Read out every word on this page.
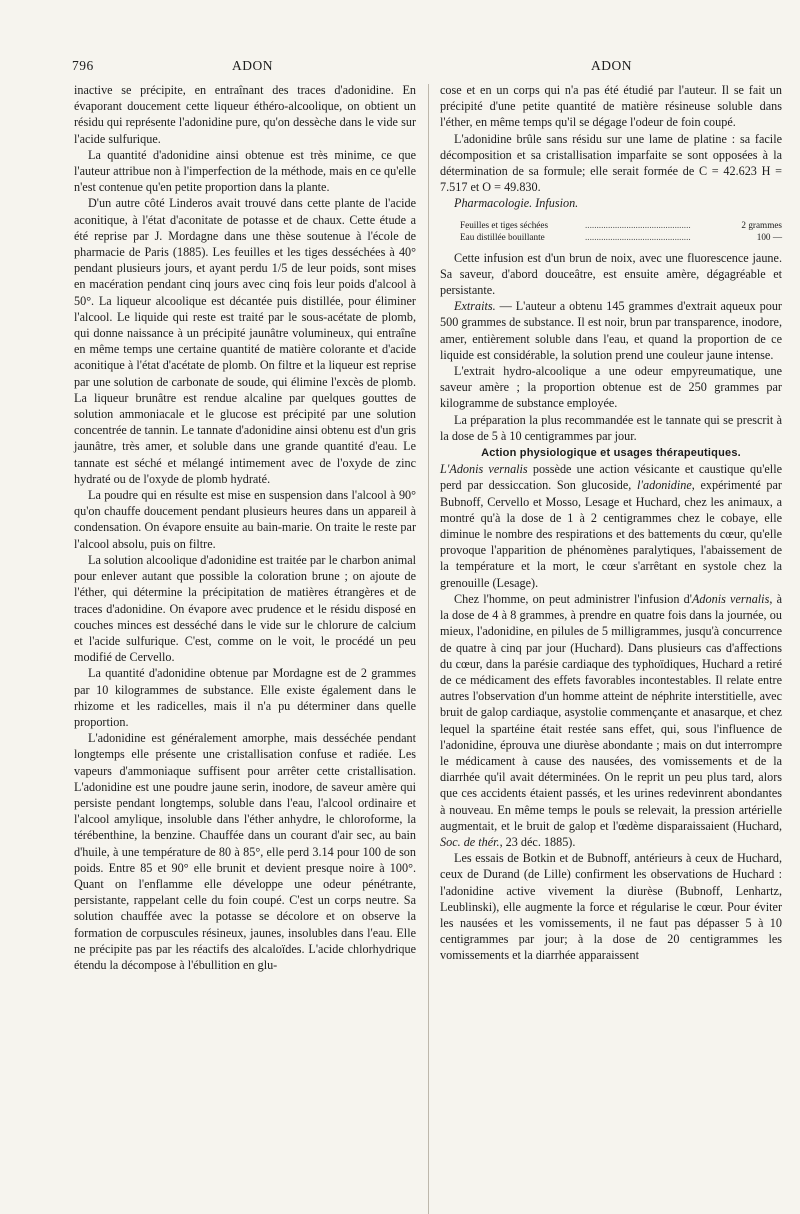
796	ADON	ADON

inactive se précipite, en entraînant des traces d'adonidine. En évaporant doucement cette liqueur éthéro-alcoolique, on obtient un résidu qui représente l'adonidine pure, qu'on dessèche dans le vide sur l'acide sulfurique.

La quantité d'adonidine ainsi obtenue est très minime, ce que l'auteur attribue non à l'imperfection de la méthode, mais en ce qu'elle n'est contenue qu'en petite proportion dans la plante.

D'un autre côté Linderos avait trouvé dans cette plante de l'acide aconitique, à l'état d'aconitate de potasse et de chaux. Cette étude a été reprise par J. Mordagne dans une thèse soutenue à l'école de pharmacie de Paris (1885). Les feuilles et les tiges desséchées à 40° pendant plusieurs jours, et ayant perdu 1/5 de leur poids, sont mises en macération pendant cinq jours avec cinq fois leur poids d'alcool à 50°. La liqueur alcoolique est décantée puis distillée, pour éliminer l'alcool. Le liquide qui reste est traité par le sous-acétate de plomb, qui donne naissance à un précipité jaunâtre volumineux, qui entraîne en même temps une certaine quantité de matière colorante et d'acide aconitique à l'état d'acétate de plomb. On filtre et la liqueur est reprise par une solution de carbonate de soude, qui élimine l'excès de plomb. La liqueur brunâtre est rendue alcaline par quelques gouttes de solution ammoniacale et le glucose est précipité par une solution concentrée de tannin. Le tannate d'adonidine ainsi obtenu est d'un gris jaunâtre, très amer, et soluble dans une grande quantité d'eau. Le tannate est séché et mélangé intimement avec de l'oxyde de zinc hydraté ou de l'oxyde de plomb hydraté.

La poudre qui en résulte est mise en suspension dans l'alcool à 90° qu'on chauffe doucement pendant plusieurs heures dans un appareil à condensation. On évapore ensuite au bain-marie. On traite le reste par l'alcool absolu, puis on filtre.

La solution alcoolique d'adonidine est traitée par le charbon animal pour enlever autant que possible la coloration brune ; on ajoute de l'éther, qui détermine la précipitation de matières étrangères et de traces d'adonidine. On évapore avec prudence et le résidu disposé en couches minces est desséché dans le vide sur le chlorure de calcium et l'acide sulfurique. C'est, comme on le voit, le procédé un peu modifié de Cervello.

La quantité d'adonidine obtenue par Mordagne est de 2 grammes par 10 kilogrammes de substance. Elle existe également dans le rhizome et les radicelles, mais il n'a pu déterminer dans quelle proportion.

L'adonidine est généralement amorphe, mais desséchée pendant longtemps elle présente une cristallisation confuse et radiée. Les vapeurs d'ammoniaque suffisent pour arrêter cette cristallisation. L'adonidine est une poudre jaune serin, inodore, de saveur amère qui persiste pendant longtemps, soluble dans l'eau, l'alcool ordinaire et l'alcool amylique, insoluble dans l'éther anhydre, le chloroforme, la térébenthine, la benzine. Chauffée dans un courant d'air sec, au bain d'huile, à une température de 80 à 85°, elle perd 3.14 pour 100 de son poids. Entre 85 et 90° elle brunit et devient presque noire à 100°. Quant on l'enflamme elle développe une odeur pénétrante, persistante, rappelant celle du foin coupé. C'est un corps neutre. Sa solution chauffée avec la potasse se décolore et on observe la formation de corpuscules résineux, jaunes, insolubles dans l'eau. Elle ne précipite pas par les réactifs des alcaloïdes. L'acide chlorhydrique étendu la décompose à l'ébullition en glu-

cose et en un corps qui n'a pas été étudié par l'auteur. Il se fait un précipité d'une petite quantité de matière résineuse soluble dans l'éther, en même temps qu'il se dégage l'odeur de foin coupé.

L'adonidine brûle sans résidu sur une lame de platine : sa facile décomposition et sa cristallisation imparfaite se sont opposées à la détermination de sa formule; elle serait formée de C = 42.623 H = 7.517 et O = 49.830.

Pharmacologie. Infusion.

Feuilles et tiges séchées	..............................................	2 grammes
Eau distillée bouillante	..............................................	100 —

Cette infusion est d'un brun de noix, avec une fluorescence jaune. Sa saveur, d'abord douceâtre, est ensuite amère, dégagréable et persistante.

Extraits. — L'auteur a obtenu 145 grammes d'extrait aqueux pour 500 grammes de substance. Il est noir, brun par transparence, inodore, amer, entièrement soluble dans l'eau, et quand la proportion de ce liquide est considérable, la solution prend une couleur jaune intense.

L'extrait hydro-alcoolique a une odeur empyreumatique, une saveur amère ; la proportion obtenue est de 250 grammes par kilogramme de substance employée.

La préparation la plus recommandée est le tannate qui se prescrit à la dose de 5 à 10 centigrammes par jour.

Action physiologique et usages thérapeutiques.

L'Adonis vernalis possède une action vésicante et caustique qu'elle perd par dessiccation. Son glucoside, l'adonidine, expérimenté par Bubnoff, Cervello et Mosso, Lesage et Huchard, chez les animaux, a montré qu'à la dose de 1 à 2 centigrammes chez le cobaye, elle diminue le nombre des respirations et des battements du cœur, qu'elle provoque l'apparition de phénomènes paralytiques, l'abaissement de la température et la mort, le cœur s'arrêtant en systole chez la grenouille (Lesage).

Chez l'homme, on peut administrer l'infusion d'Adonis vernalis, à la dose de 4 à 8 grammes, à prendre en quatre fois dans la journée, ou mieux, l'adonidine, en pilules de 5 milligrammes, jusqu'à concurrence de quatre à cinq par jour (Huchard). Dans plusieurs cas d'affections du cœur, dans la parésie cardiaque des typhoïdiques, Huchard a retiré de ce médicament des effets favorables incontestables. Il relate entre autres l'observation d'un homme atteint de néphrite interstitielle, avec bruit de galop cardiaque, asystolie commençante et anasarque, et chez lequel la spartéine était restée sans effet, qui, sous l'influence de l'adonidine, éprouva une diurèse abondante ; mais on dut interrompre le médicament à cause des nausées, des vomissements et de la diarrhée qu'il avait déterminées. On le reprit un peu plus tard, alors que ces accidents étaient passés, et les urines redevinrent abondantes à nouveau. En même temps le pouls se relevait, la pression artérielle augmentait, et le bruit de galop et l'œdème disparaissaient (Huchard, Soc. de thér., 23 déc. 1885).

Les essais de Botkin et de Bubnoff, antérieurs à ceux de Huchard, ceux de Durand (de Lille) confirment les observations de Huchard : l'adonidine active vivement la diurèse (Bubnoff, Lenhartz, Leublinski), elle augmente la force et régularise le cœur. Pour éviter les nausées et les vomissements, il ne faut pas dépasser 5 à 10 centigrammes par jour; à la dose de 20 centigrammes les vomissements et la diarrhée apparaissent
